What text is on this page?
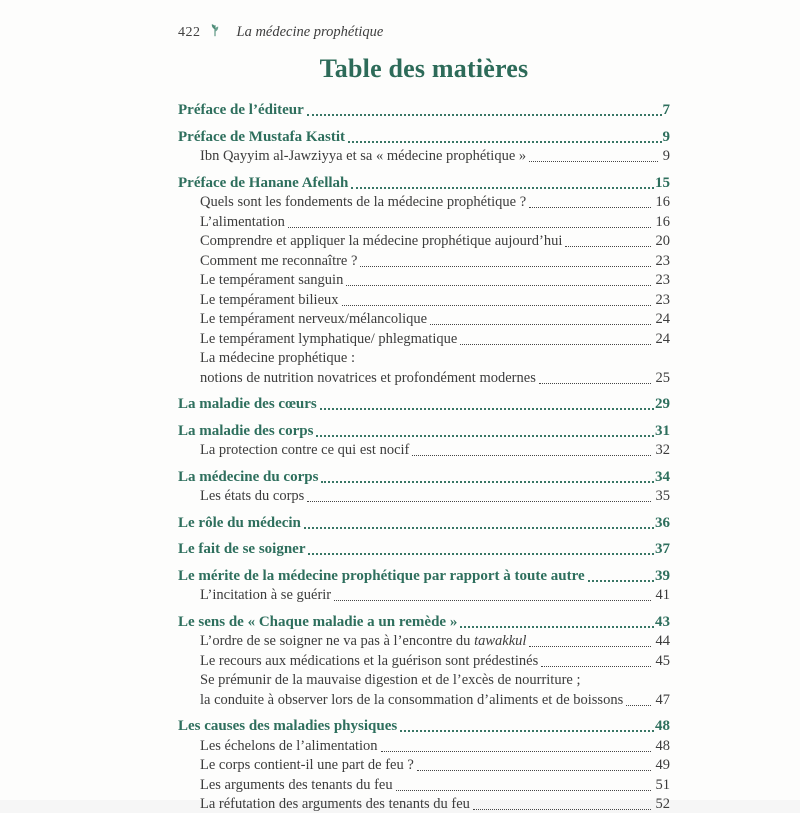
422 La médecine prophétique
Table des matières
Préface de l’éditeur	7
Préface de Mustafa Kastit	9
Ibn Qayyim al-Jawziyya et sa « médecine prophétique »	9
Préface de Hanane Afellah	15
Quels sont les fondements de la médecine prophétique ?	16
L’alimentation	16
Comprendre et appliquer la médecine prophétique aujourd’hui	20
Comment me reconnaître ?	23
Le tempérament sanguin	23
Le tempérament bilieux	23
Le tempérament nerveux/mélancolique	24
Le tempérament lymphatique/ phlegmatique	24
La médecine prophétique :
notions de nutrition novatrices et profondément modernes	25
La maladie des cœurs	29
La maladie des corps	31
La protection contre ce qui est nocif	32
La médecine du corps	34
Les états du corps	35
Le rôle du médecin	36
Le fait de se soigner	37
Le mérite de la médecine prophétique par rapport à toute autre	39
L’incitation à se guérir	41
Le sens de « Chaque maladie a un remède »	43
L’ordre de se soigner ne va pas à l’encontre du tawakkul	44
Le recours aux médications et la guérison sont prédestinés	45
Se prémunir de la mauvaise digestion et de l’excès de nourriture ;
la conduite à observer lors de la consommation d’aliments et de boissons 47
Les causes des maladies physiques	48
Les échelons de l’alimentation	48
Le corps contient-il une part de feu ?	49
Les arguments des tenants du feu	51
La réfutation des arguments des tenants du feu	52
